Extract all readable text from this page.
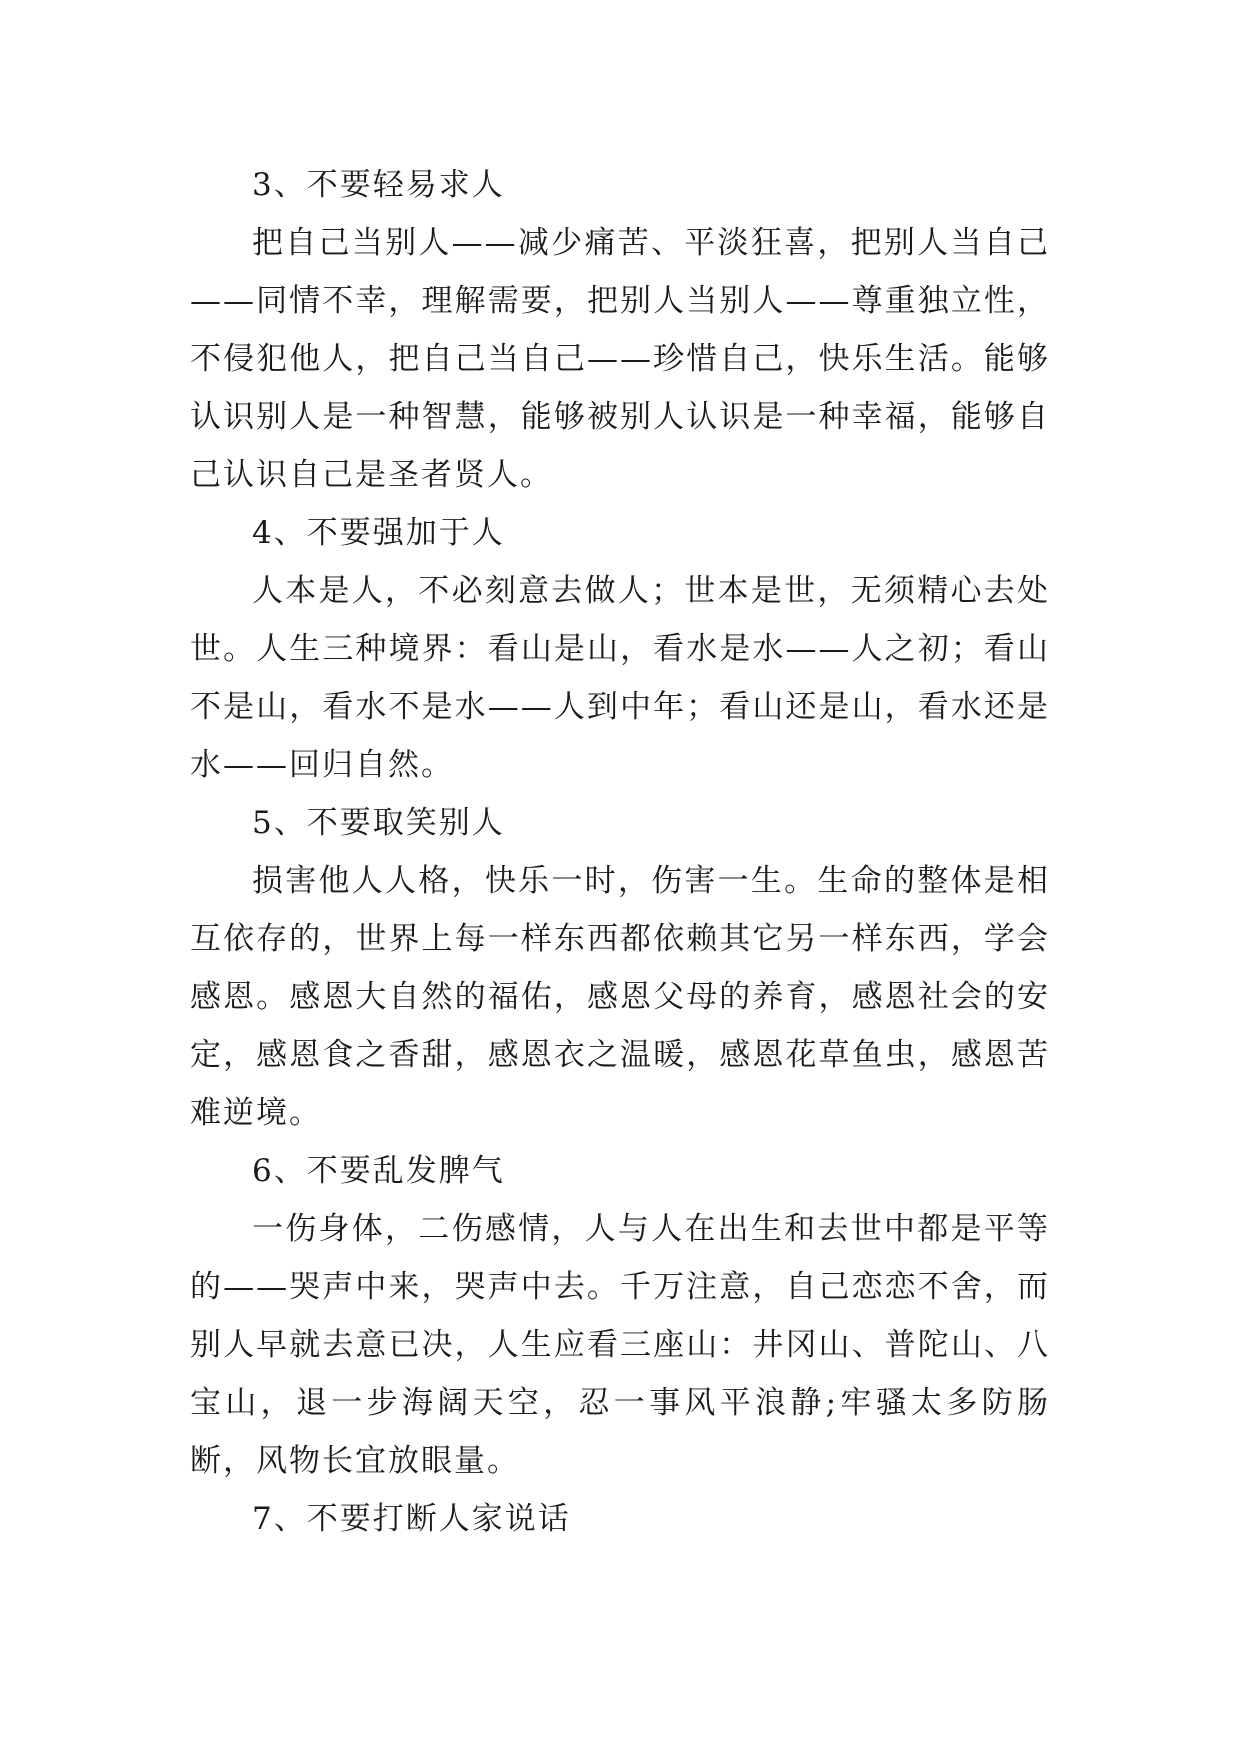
3、不要轻易求人

把自己当别人——减少痛苦、平淡狂喜，把别人当自己——同情不幸，理解需要，把别人当别人——尊重独立性，不侵犯他人，把自己当自己——珍惜自己，快乐生活。能够认识别人是一种智慧，能够被别人认识是一种幸福，能够自己认识自己是圣者贤人。

4、不要强加于人

人本是人，不必刻意去做人；世本是世，无须精心去处世。人生三种境界：看山是山，看水是水——人之初；看山不是山，看水不是水——人到中年；看山还是山，看水还是水——回归自然。

5、不要取笑别人

损害他人人格，快乐一时，伤害一生。生命的整体是相互依存的，世界上每一样东西都依赖其它另一样东西，学会感恩。感恩大自然的福佑，感恩父母的养育，感恩社会的安定，感恩食之香甜，感恩衣之温暖，感恩花草鱼虫，感恩苦难逆境。

6、不要乱发脾气

一伤身体，二伤感情，人与人在出生和去世中都是平等的——哭声中来，哭声中去。千万注意，自己恋恋不舍，而别人早就去意已决，人生应看三座山：井冈山、普陀山、八宝山，退一步海阔天空，忍一事风平浪静;牢骚太多防肠断，风物长宜放眼量。

7、不要打断人家说话
